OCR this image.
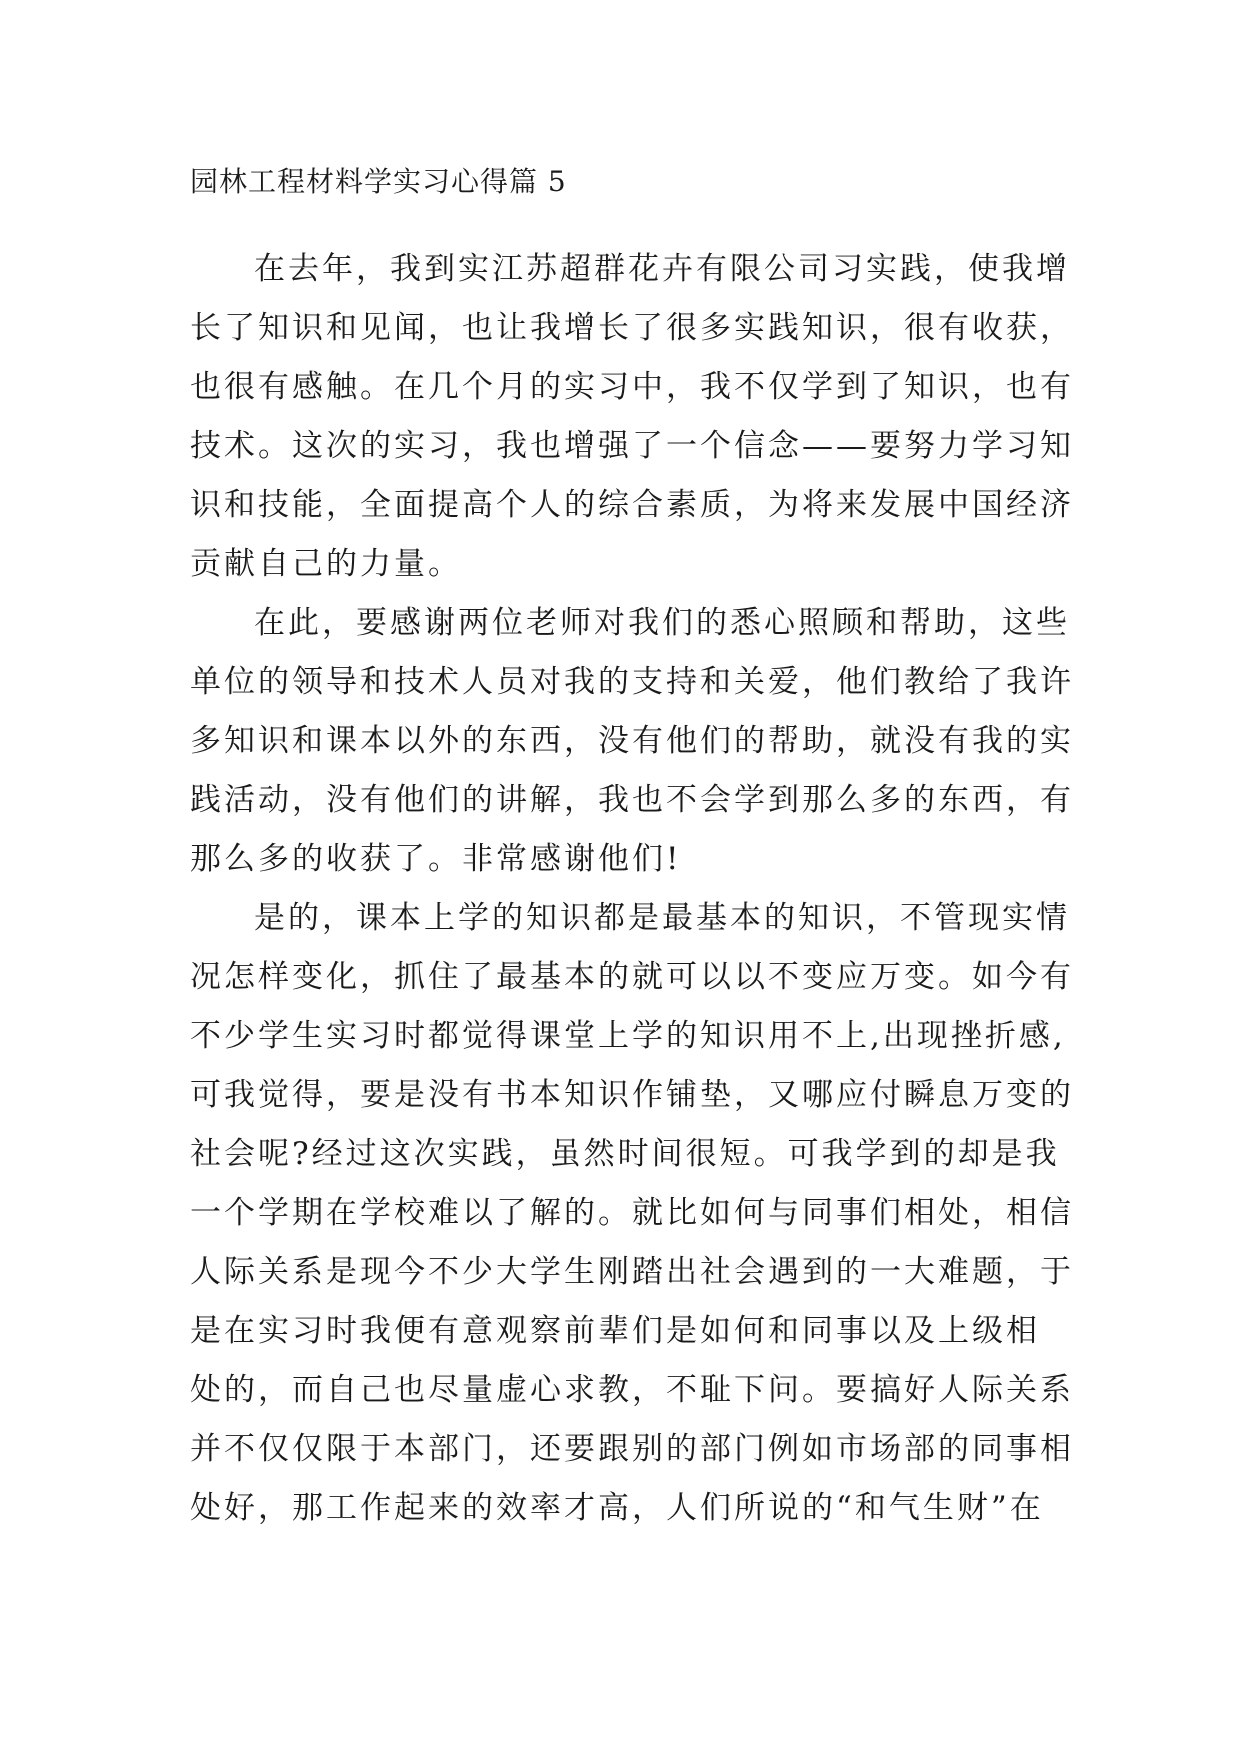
园林工程材料学实习心得篇 5
在去年，我到实江苏超群花卉有限公司习实践，使我增
长了知识和见闻，也让我增长了很多实践知识，很有收获，
也很有感触。在几个月的实习中，我不仅学到了知识，也有
技术。这次的实习，我也增强了一个信念——要努力学习知
识和技能，全面提高个人的综合素质，为将来发展中国经济
贡献自己的力量。
在此，要感谢两位老师对我们的悉心照顾和帮助，这些
单位的领导和技术人员对我的支持和关爱，他们教给了我许
多知识和课本以外的东西，没有他们的帮助，就没有我的实
践活动，没有他们的讲解，我也不会学到那么多的东西，有
那么多的收获了。非常感谢他们!
是的，课本上学的知识都是最基本的知识，不管现实情
况怎样变化，抓住了最基本的就可以以不变应万变。如今有
不少学生实习时都觉得课堂上学的知识用不上,出现挫折感,
可我觉得，要是没有书本知识作铺垫，又哪应付瞬息万变的
社会呢?经过这次实践，虽然时间很短。可我学到的却是我
一个学期在学校难以了解的。就比如何与同事们相处，相信
人际关系是现今不少大学生刚踏出社会遇到的一大难题，于
是在实习时我便有意观察前辈们是如何和同事以及上级相
处的，而自己也尽量虚心求教，不耻下问。要搞好人际关系
并不仅仅限于本部门，还要跟别的部门例如市场部的同事相
处好，那工作起来的效率才高，人们所说的“和气生财”在
